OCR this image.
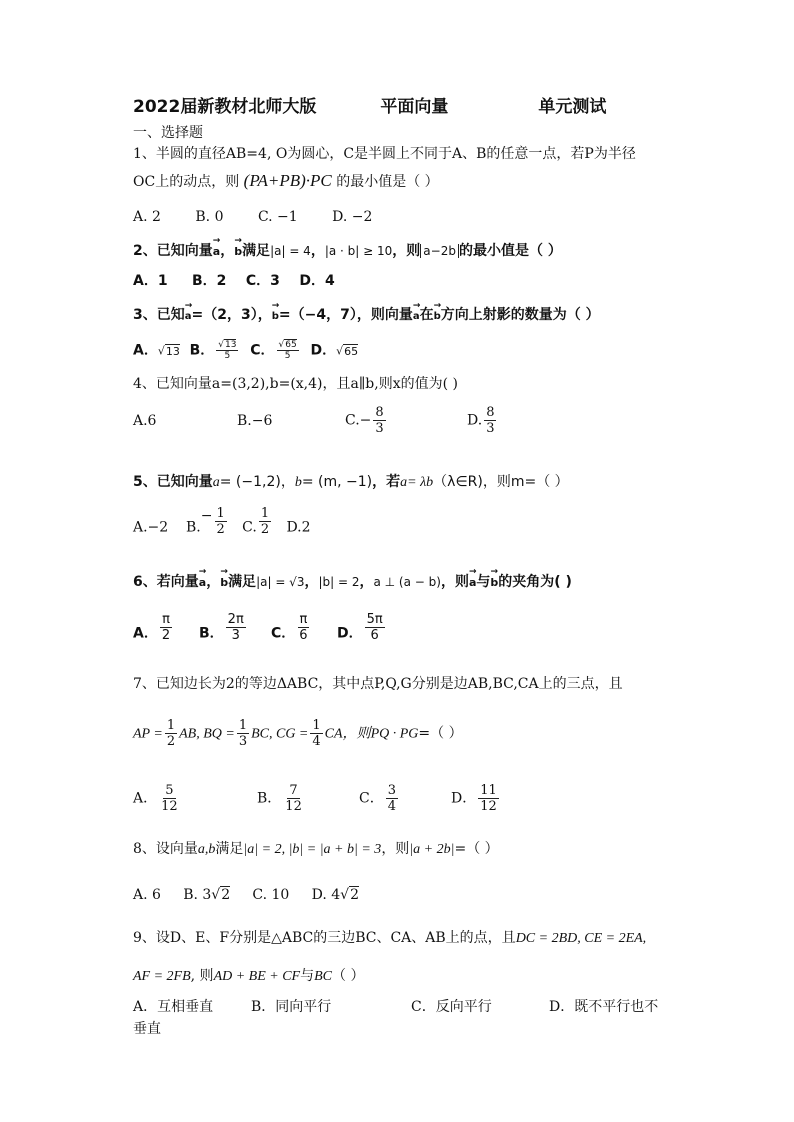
2022届新教材北师大版	平面向量	单元测试
一、选择题
1、半圆的直径AB=4, O为圆心，C是半圆上不同于A、B的任意一点，若P为半径
OC上的动点，则 (PA+PB)·PC 的最小值是（ ）
A. 2 B. 0 C. −1 D. −2
2、已知向量→ a，→ b满足|a| = 4，|a · b| ≥ 10，则 a−2b 的最小值是（ ）
A．1 B．2 C．3 D．4
3、已知→ a=（2，3），→ b=（−4，7），则向量→ a在→ b方向上射影的数量为（ ）
A．√13 B． $\frac{√13}{5}$ C． $\frac{√65}{5}$ D．√65
4、已知向量a=(3,2),b=(x,4)，且a∥b,则x的值为( )
A.6	B.−6	$C.- \frac{8}{3}$	D. $\frac{8}{3}$
5、已知向量a= (−1,2)，b= (m, −1)，若a= λb（λ∈R)，则m=（ ）
A.−2 $B.- \frac{1}{2} C$. $\frac{1}{2} D.2$
6、若向量→ a，→ b满足|a| = √3，|b| = 2，a ⊥ (a − b)，则→ a与→ b的夹角为( )
A． $\frac{\pi}{2}$ B． $\frac{2\pi}{3}$ C． $\frac{\pi}{6}$ D． $\frac{5\pi}{6}$
7、已知边长为2的等边ΔABC，其中点P,Q,G分别是边AB,BC,CA上的三点，且
AP = $\frac{1}{2}$ AB, BQ = $\frac{1}{3}$ BC, CG = $\frac{1}{4}$ CA，则PQ · PG=（ ）
A． $\frac{5}{12}$	B． $\frac{7}{12}$	C． $\frac{3}{4}$	D． $\frac{11}{12}$
8、设向量a,b满足|a| = 2, |b| = |a + b| = 3，则|a + 2b|=（ ）
A. 6 B. 3√2 C. 10 D. 4√2
9、设D、E、F分别是△ABC的三边BC、CA、AB上的点，且DC = 2BD, CE = 2EA,
AF = 2FB, 则AD + BE + CF与BC（ ）
A．互相垂直	B．同向平行	C．反向平行	D．既不平行也不
垂直
